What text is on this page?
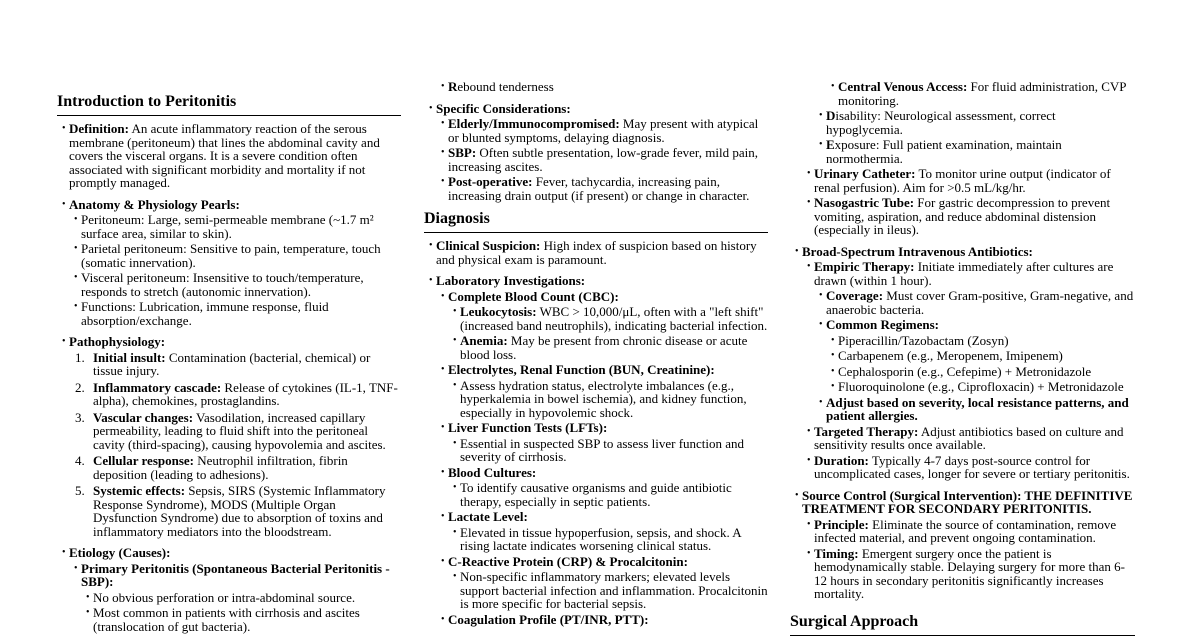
Introduction to Peritonitis
• Definition: An acute inflammatory reaction of the serous membrane (peritoneum) that lines the abdominal cavity and covers the visceral organs. It is a severe condition often associated with significant morbidity and mortality if not promptly managed.
• Anatomy & Physiology Pearls:
• Peritoneum: Large, semi-permeable membrane (~1.7 m² surface area, similar to skin).
• Parietal peritoneum: Sensitive to pain, temperature, touch (somatic innervation).
• Visceral peritoneum: Insensitive to touch/temperature, responds to stretch (autonomic innervation).
• Functions: Lubrication, immune response, fluid absorption/exchange.
• Pathophysiology:
1. Initial insult: Contamination (bacterial, chemical) or tissue injury.
2. Inflammatory cascade: Release of cytokines (IL-1, TNF-alpha), chemokines, prostaglandins.
3. Vascular changes: Vasodilation, increased capillary permeability, leading to fluid shift into the peritoneal cavity (third-spacing), causing hypovolemia and ascites.
4. Cellular response: Neutrophil infiltration, fibrin deposition (leading to adhesions).
5. Systemic effects: Sepsis, SIRS (Systemic Inflammatory Response Syndrome), MODS (Multiple Organ Dysfunction Syndrome) due to absorption of toxins and inflammatory mediators into the bloodstream.
• Etiology (Causes):
• Primary Peritonitis (Spontaneous Bacterial Peritonitis - SBP):
• No obvious perforation or intra-abdominal source.
• Most common in patients with cirrhosis and ascites (translocation of gut bacteria).
• Rebound tenderness
• Specific Considerations:
• Elderly/Immunocompromised: May present with atypical or blunted symptoms, delaying diagnosis.
• SBP: Often subtle presentation, low-grade fever, mild pain, increasing ascites.
• Post-operative: Fever, tachycardia, increasing pain, increasing drain output (if present) or change in character.
Diagnosis
• Clinical Suspicion: High index of suspicion based on history and physical exam is paramount.
• Laboratory Investigations:
• Complete Blood Count (CBC):
• Leukocytosis: WBC > 10,000/μL, often with a "left shift" (increased band neutrophils), indicating bacterial infection.
• Anemia: May be present from chronic disease or acute blood loss.
• Electrolytes, Renal Function (BUN, Creatinine):
• Assess hydration status, electrolyte imbalances (e.g., hyperkalemia in bowel ischemia), and kidney function, especially in hypovolemic shock.
• Liver Function Tests (LFTs):
• Essential in suspected SBP to assess liver function and severity of cirrhosis.
• Blood Cultures:
• To identify causative organisms and guide antibiotic therapy, especially in septic patients.
• Lactate Level:
• Elevated in tissue hypoperfusion, sepsis, and shock. A rising lactate indicates worsening clinical status.
• C-Reactive Protein (CRP) & Procalcitonin:
• Non-specific inflammatory markers; elevated levels support bacterial infection and inflammation. Procalcitonin is more specific for bacterial sepsis.
• Coagulation Profile (PT/INR, PTT):
• Central Venous Access: For fluid administration, CVP monitoring.
• Disability: Neurological assessment, correct hypoglycemia.
• Exposure: Full patient examination, maintain normothermia.
• Urinary Catheter: To monitor urine output (indicator of renal perfusion). Aim for >0.5 mL/kg/hr.
• Nasogastric Tube: For gastric decompression to prevent vomiting, aspiration, and reduce abdominal distension (especially in ileus).
• Broad-Spectrum Intravenous Antibiotics:
• Empiric Therapy: Initiate immediately after cultures are drawn (within 1 hour).
• Coverage: Must cover Gram-positive, Gram-negative, and anaerobic bacteria.
• Common Regimens:
• Piperacillin/Tazobactam (Zosyn)
• Carbapenem (e.g., Meropenem, Imipenem)
• Cephalosporin (e.g., Cefepime) + Metronidazole
• Fluoroquinolone (e.g., Ciprofloxacin) + Metronidazole
• Adjust based on severity, local resistance patterns, and patient allergies.
• Targeted Therapy: Adjust antibiotics based on culture and sensitivity results once available.
• Duration: Typically 4-7 days post-source control for uncomplicated cases, longer for severe or tertiary peritonitis.
• Source Control (Surgical Intervention): THE DEFINITIVE TREATMENT FOR SECONDARY PERITONITIS.
• Principle: Eliminate the source of contamination, remove infected material, and prevent ongoing contamination.
• Timing: Emergent surgery once the patient is hemodynamically stable. Delaying surgery for more than 6-12 hours in secondary peritonitis significantly increases mortality.
Surgical Approach
